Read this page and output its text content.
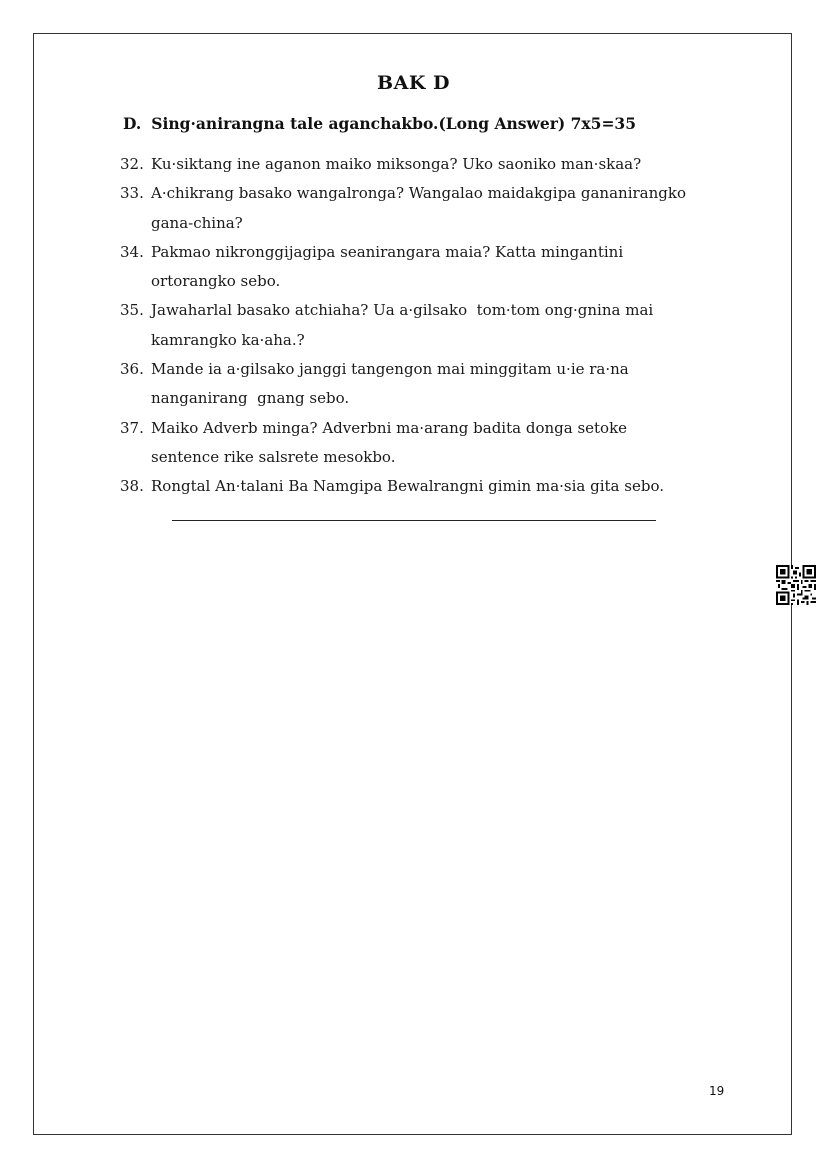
BAK D
D. Sing·anirangna tale aganchakbo.(Long Answer) 7x5=35
32. Ku·siktang ine aganon maiko miksonga? Uko saoniko man·skaa?
33. A·chikrang basako wangalronga? Wangalao maidakgipa gananirangko
gana-china?
34. Pakmao nikronggijagipa seanirangara maia? Katta mingantini
ortorangko sebo.
35. Jawaharlal basako atchiaha? Ua a·gilsako  tom·tom ong·gnina mai
kamrangko ka·aha.?
36. Mande ia a·gilsako janggi tangengon mai minggitam u·ie ra·na
nanganirang  gnang sebo.
37. Maiko Adverb minga? Adverbni ma·arang badita donga setoke
sentence rike salsrete mesokbo.
38. Rongtal An·talani Ba Namgipa Bewalrangni gimin ma·sia gita sebo.
19
